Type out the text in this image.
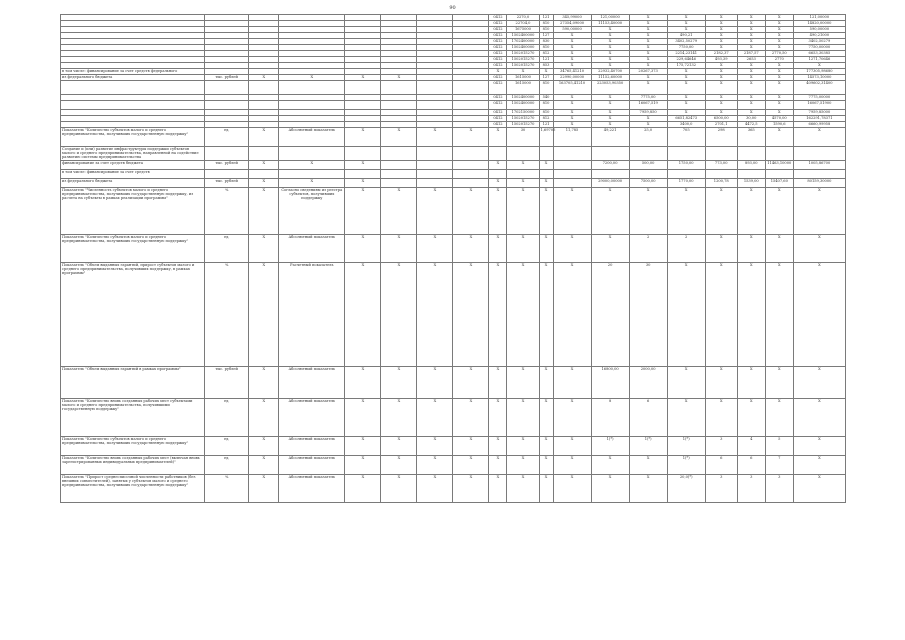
90
								0412	2270,0	121	345,99000	121,00000	X	X	X	X	X	121,00000
								0412	22704,0	810	27354,09000	11153,40000	X	X	X	X	X	14820,00000
								0412	1675000	810	590,00000	X	X	X	X	X	X	590,00000
								0412	1502400000	127	X	X	X	490,21	X	X	X	490,21000
								0412	1702400000	830	X	X	X	3402,50279	X	X	X	3402,50279
								0412	1502400000	810	X	X	X	7750,00	X	X	X	7750,00000
								0412	1502015270	812	X	X	X	2214,23141	2182,37	2187,57	2770,50	6653,30385
								0412	1502015270	121	X	X	X	229,64646	493,39	2653	2770	1271,70646
								0412	1502015270	853	X	X	X	175,72132	X	X	X	X
в том числе: финансирование за счет средств федерального								X	X	X	34765,41210	22932,40700	20267,373	X	X	X	X	177305,98680
из федерального бюджета	тыс. рублей	X	X	X	X			0412	1615000	127	22990,00000	11152,60000	X	X	X	X	X	14573,10000
								0412	1615000	810	163705,41210	223053,90350	X	X	X	X	X	409602,31400
								0412	1502400000	540	X	X	7775,00	X	X	X	X	7775,00000
								0412	1502400000	810	X	X	16067,519	X	X	X	X	16067,51900
								0412	1702150000	810	X	X	7959,850	X	X	X	X	7959,85000
								0412	1502015270	812	X	X	X	6651,82473	6500,00	30,00	4570,00	162291,78371
								0412	1502015270	121	X	X	X	3400,0	2701,1	4472,5	1590,6	6660,99958
Показатель "Количество субъектов малого и среднего предпринимательства, получивших государственную поддержку"	ед.	X	Абсолютный показатель	X	X	X	X	X	30	1,69705	11,785	49,221	25,0	705	298	365	X	X
Создание и (или) развитие инфраструктуры поддержки субъектов малого и среднего предпринимательства, направленной на содействие развитию системы предпринимательства																		
финансирование за счет средств бюджета	тыс. рублей	X	X	X				X	X	X		7200,00	500,00	1750,00	773,00	893,00	11463,10000	1005,86700
в том числе: финансирование за счет средств																		
из федерального бюджета	тыс. рублей	X	X	X				X	X	X		29000,00000	7500,00	1770,00	1200,78	1539,00	15407,60	80159,30000
Показатель "Численность субъектов малого и среднего предпринимательства, получивших государственную поддержку, из расчета на субъекты в рамках реализации программы"	%	X	Согласно сведениям из реестра субъектов, получивших поддержку	X	X	X	X	X	X	X	X	X	X	X	X	X	X	X
Показатель "Количество субъектов малого и среднего предпринимательства, получивших государственную поддержку"	ед.	X	Абсолютный показатель	X	X	X	X	X	X	X	X	X	2	2	X	X	X	X
Показатель "Объем выданных гарантий, прирост субъектов малого и среднего предпринимательства, получивших поддержку, в рамках программы"	%	X	Расчетный показатель	X	X	X	X	X	X	X	X	20	30	X	X	X	X	X
Показатель "Объем выданных гарантий в рамках программы"	тыс. рублей	X	Абсолютный показатель	X	X	X	X	X	X	X	X	16800,00	2000,00	X	X	X	X	X
Показатель "Количество вновь созданных рабочих мест субъектами малого и среднего предпринимательства, получившими государственную поддержку"	ед.	X	Абсолютный показатель	X	X	X	X	X	X	X	X	8	6	X	X	X	X	X
Показатель "Количество субъектов малого и среднего предпринимательства, получивших государственную поддержку"	ед.	X	Абсолютный показатель	X	X	X	X	X	X	X	X	1(*)	1(*)	1(*)	3	4	5	X
Показатель "Количество вновь созданных рабочих мест (включая вновь зарегистрированных индивидуальных предпринимателей)"	ед.	X	Абсолютный показатель	X	X	X	X	X	X	X	X	X	X	1(*)	6	6	7	X
Показатель "Прирост среднесписочной численности работников (без внешних совместителей), занятых у субъектов малого и среднего предпринимательства, получивших государственную поддержку"	%	X	Абсолютный показатель	X	X	X	X	X	X	X	X	X	X	20,0(*)	3	3	3	X
